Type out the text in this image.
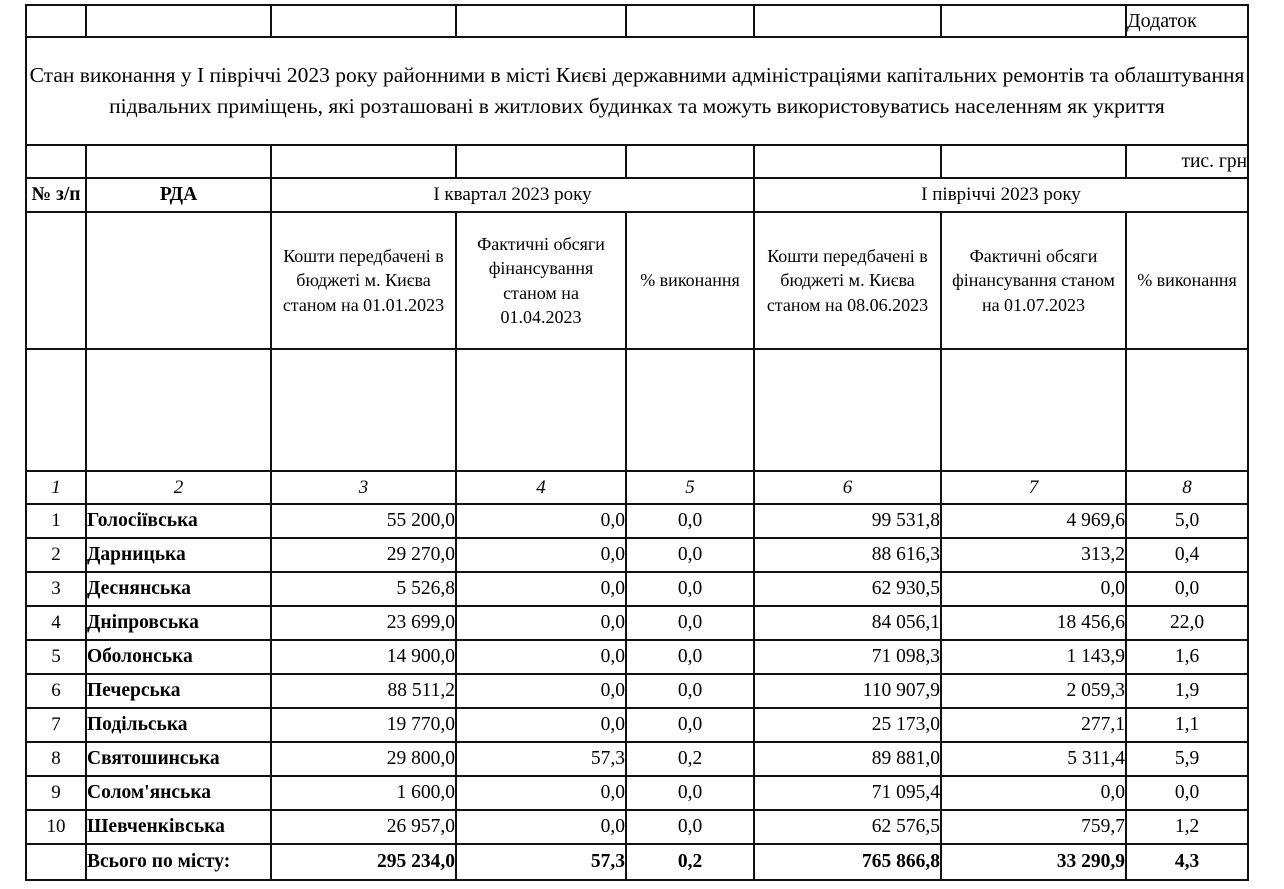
							Додаток

Стан виконання у І півріччі 2023 року районними в місті Києві державними адміністраціями капітальних ремонтів та облаштування підвальних приміщень, які розташовані в житлових будинках та можуть використовуватись населенням як укриття							

							тис. грн
№ з/п	РДА	І квартал 2023 року			І півріччі 2023 року		

		Кошти передбачені в бюджеті м. Києва станом на 01.01.2023	Фактичні обсяги фінансування станом на 01.04.2023	% виконання	Кошти передбачені в бюджеті м. Києва станом на 08.06.2023	Фактичні обсяги фінансування станом на 01.07.2023	% виконання

1	2	3	4	5	6	7	8
1	Голосіївська	55 200,0	0,0	0,0	99 531,8	4 969,6	5,0
2	Дарницька	29 270,0	0,0	0,0	88 616,3	313,2	0,4
3	Деснянська	5 526,8	0,0	0,0	62 930,5	0,0	0,0
4	Дніпровська	23 699,0	0,0	0,0	84 056,1	18 456,6	22,0
5	Оболонська	14 900,0	0,0	0,0	71 098,3	1 143,9	1,6
6	Печерська	88 511,2	0,0	0,0	110 907,9	2 059,3	1,9
7	Подільська	19 770,0	0,0	0,0	25 173,0	277,1	1,1
8	Святошинська	29 800,0	57,3	0,2	89 881,0	5 311,4	5,9
9	Солом'янська	1 600,0	0,0	0,0	71 095,4	0,0	0,0
10	Шевченківська	26 957,0	0,0	0,0	62 576,5	759,7	1,2
	Всього по місту:	295 234,0	57,3	0,2	765 866,8	33 290,9	4,3
